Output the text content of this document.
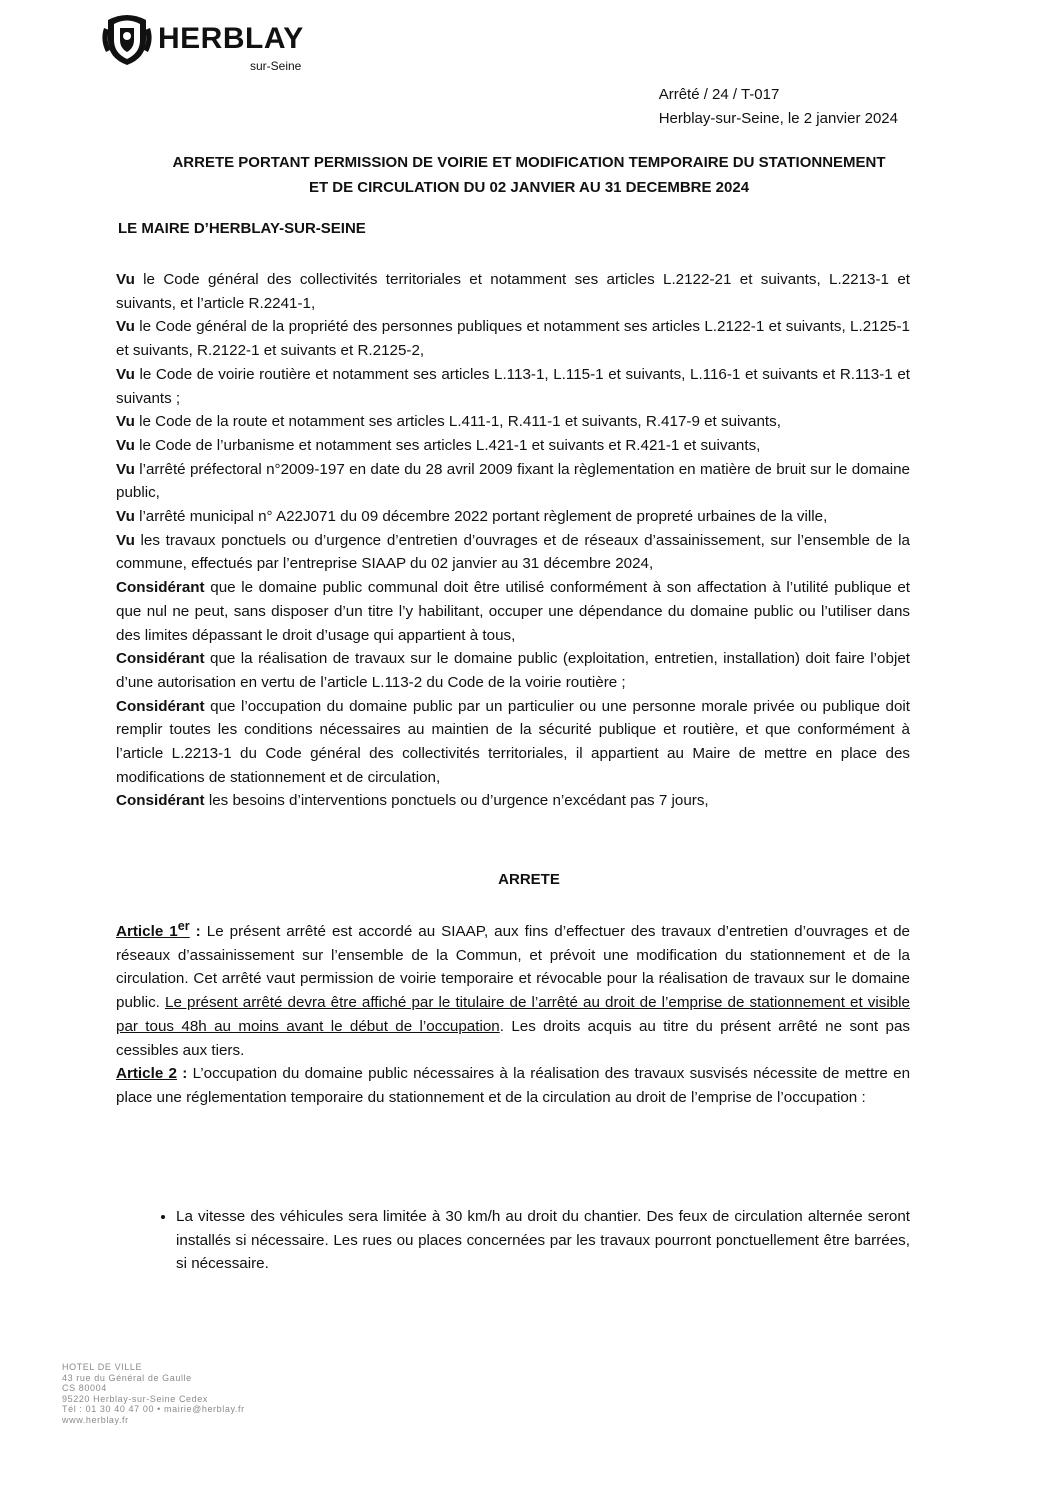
HERBLAY
sur-Seine
Arrêté / 24 / T-017
Herblay-sur-Seine, le 2 janvier 2024
ARRETE PORTANT PERMISSION DE VOIRIE ET MODIFICATION TEMPORAIRE DU STATIONNEMENT
ET DE CIRCULATION DU 02 JANVIER AU 31 DECEMBRE 2024
LE MAIRE D’HERBLAY-SUR-SEINE

Vu le Code général des collectivités territoriales et notamment ses articles L.2122-21 et suivants, L.2213-1 et suivants, et l’article R.2241-1,

Vu le Code général de la propriété des personnes publiques et notamment ses articles L.2122-1 et suivants, L.2125-1 et suivants, R.2122-1 et suivants et R.2125-2,

Vu le Code de voirie routière et notamment ses articles L.113-1, L.115-1 et suivants, L.116-1 et suivants et R.113-1 et suivants ;

Vu le Code de la route et notamment ses articles L.411-1, R.411-1 et suivants, R.417-9 et suivants,

Vu le Code de l’urbanisme et notamment ses articles L.421-1 et suivants et R.421-1 et suivants,

Vu l’arrêté préfectoral n°2009-197 en date du 28 avril 2009 fixant la règlementation en matière de bruit sur le domaine public,

Vu l’arrêté municipal n° A22J071 du 09 décembre 2022 portant règlement de propreté urbaines de la ville,

Vu les travaux ponctuels ou d’urgence d’entretien d’ouvrages et de réseaux d’assainissement, sur l’ensemble de la commune, effectués par l’entreprise SIAAP du 02 janvier au 31 décembre 2024,

Considérant que le domaine public communal doit être utilisé conformément à son affectation à l’utilité publique et que nul ne peut, sans disposer d’un titre l’y habilitant, occuper une dépendance du domaine public ou l’utiliser dans des limites dépassant le droit d’usage qui appartient à tous,

Considérant que la réalisation de travaux sur le domaine public (exploitation, entretien, installation) doit faire l’objet d’une autorisation en vertu de l’article L.113-2 du Code de la voirie routière ;

Considérant que l’occupation du domaine public par un particulier ou une personne morale privée ou publique doit remplir toutes les conditions nécessaires au maintien de la sécurité publique et routière, et que conformément à l’article L.2213-1 du Code général des collectivités territoriales, il appartient au Maire de mettre en place des modifications de stationnement et de circulation,

Considérant les besoins d’interventions ponctuels ou d’urgence n’excédant pas 7 jours,

ARRETE

Article 1er : Le présent arrêté est accordé au SIAAP, aux fins d’effectuer des travaux d’entretien d’ouvrages et de réseaux d’assainissement sur l’ensemble de la Commun, et prévoit une modification du stationnement et de la circulation. Cet arrêté vaut permission de voirie temporaire et révocable pour la réalisation de travaux sur le domaine public. Le présent arrêté devra être affiché par le titulaire de l’arrêté au droit de l’emprise de stationnement et visible par tous 48h au moins avant le début de l’occupation. Les droits acquis au titre du présent arrêté ne sont pas cessibles aux tiers.

Article 2 : L’occupation du domaine public nécessaires à la réalisation des travaux susvisés nécessite de mettre en place une réglementation temporaire du stationnement et de la circulation au droit de l’emprise de l’occupation :

• La vitesse des véhicules sera limitée à 30 km/h au droit du chantier. Des feux de circulation alternée seront installés si nécessaire. Les rues ou places concernées par les travaux pourront ponctuellement être barrées, si nécessaire.
HOTEL DE VILLE
43 rue du Général de Gaulle
CS 80004
95220 Herblay-sur-Seine Cedex
Tél : 01 30 40 47 00 • mairie@herblay.fr
www.herblay.fr
